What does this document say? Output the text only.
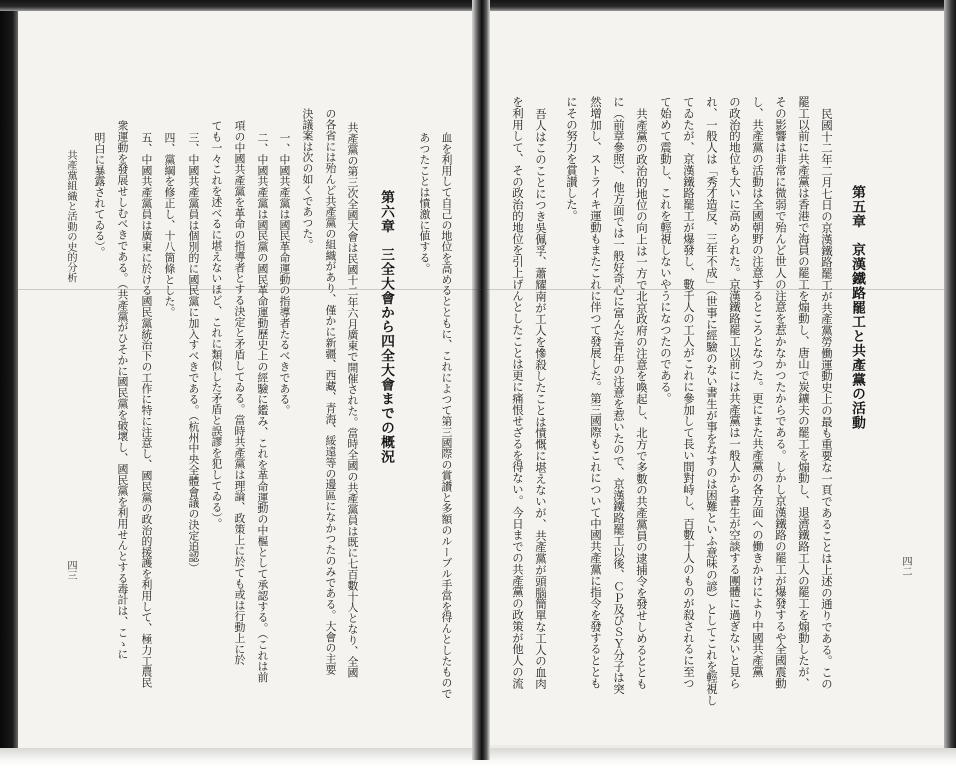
四二
第五章　京漢鐵路罷工と共產黨の活動
民國十二年二月七日の京漢鐵路罷工が共產黨勞働運動史上の最も重要な一頁であることは上述の通りである。この
罷工以前に共產黨は香港で海員の罷工を煽動し、唐山で炭鑛夫の罷工を煽動し、退濟鐵路工人の罷工を煽動したが、
その影響は非常に微弱で殆んど世人の注意を惹かなかつたからである。しかし京漢鐵路の罷工が爆發するや全國震動
し、共產黨の活動は全國朝野の注意するところとなつた。更にまた共產黨の各方面への働きかけにより中國共產黨
の政治的地位も大いに高められた。京漢鐵路罷工以前には共產黨は一般人から書生が空談する團體に過ぎないと見ら
れ、一般人は「秀才造反、三年不成」（世事に經驗のない書生が事をなすのは困難といふ意味の諺）としてこれを輕視し
てゐたが、京漢鐵路罷工が爆發し、數千人の工人がこれに參加して長い間對峙し、百數十人のものが殺されるに至つ
て始めて震動し、これを輕視しないやうになつたのである。
共產黨の政治的地位の向上は一方で北京政府の注意を喚起し、北方で多數の共產黨員の逮捕令を發せしめるととも
に（前章參照）、他方面では一般好奇心に富んだ青年の注意を惹いたので、京漢鐵路罷工以後、ＣＰ及びＳＹ分子は突
然增加し、ストライキ運動もまたこれに伴つて發展した。第三國際もこれについて中國共產黨に指令を發するととも
にその努力を賞讃した。
吾人はこのことにつき吳佩孚、蕭耀南が工人を慘殺したことは憤慨に堪えないが、共產黨が頭腦簡單な工人の血肉
を利用して、その政治的地位を引上げんとしたことは更に痛恨せざるを得ない。今日までの共產黨の政策が他人の流
血を利用して自己の地位を高めるとともに、これによつて第三國際の賞讚と多額のルーブル手當を得んとしたもので
あつたことは憤激に値する。
第六章　三全大會から四全大會までの概況
共產黨の第三次全國大會は民國十二年六月廣東で開催された。當時全國の共產黨員は既に七百數十人となり、全國
の各省には殆んど共產黨の組織があり、僅かに新疆、西藏、青海、綏遠等の邊區になかつたのみである。大會の主要
決議案は次の如くであつた。
一、中國共產黨は國民革命運動の指導者たるべきである。
二、中國共產黨は國民黨の國民革命運動歷史上の經驗に鑑み、これを革命運動の中樞として承認する。（これは前
項の中國共產黨を革命の指導者とする決定と矛盾してゐる。當時共產黨は理論、政策上に於ても或は行動上に於
ても一々これを述べるに堪えないほど、これに類似した矛盾と誤謬を犯してゐる）。
三、中國共產黨員は個別的に國民黨に加入すべきである。（杭州中央全體會議の決定追認）
四、黨綱を修正し、十八箇條とした。
五、中國共產黨員は廣東に於ける國民黨統治下の工作に特に注意し、國民黨の政治的援護を利用して、極力工農民
衆運動を發展せしむべきである。（共產黨がひそかに國民黨を破壞し、國民黨を利用せんとする毒計は、こゝに
明白に暴露されてゐる）。
共產黨組織と活動の史的分析
四三
